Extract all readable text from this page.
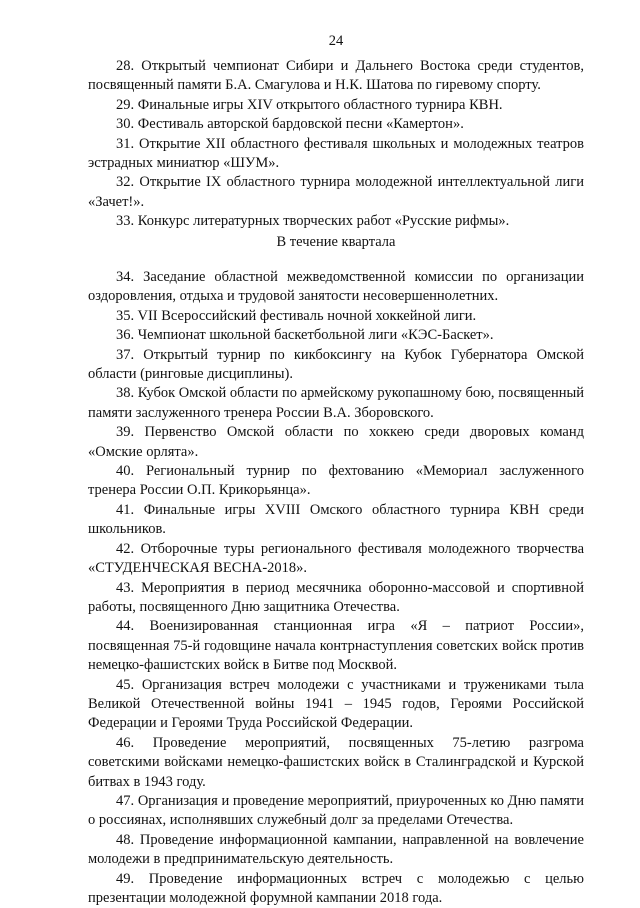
24

28. Открытый чемпионат Сибири и Дальнего Востока среди студентов, посвященный памяти Б.А. Смагулова и Н.К. Шатова по гиревому спорту.

29. Финальные игры XIV открытого областного турнира КВН.

30. Фестиваль авторской бардовской песни «Камертон».

31. Открытие XII областного фестиваля школьных и молодежных театров эстрадных миниатюр «ШУМ».

32. Открытие IX областного турнира молодежной интеллектуальной лиги «Зачет!».

33. Конкурс литературных творческих работ «Русские рифмы».

В течение квартала

34. Заседание областной межведомственной комиссии по организации оздоровления, отдыха и трудовой занятости несовершеннолетних.

35. VII Всероссийский фестиваль ночной хоккейной лиги.

36. Чемпионат школьной баскетбольной лиги «КЭС-Баскет».

37. Открытый турнир по кикбоксингу на Кубок Губернатора Омской области (ринговые дисциплины).

38. Кубок Омской области по армейскому рукопашному бою, посвященный памяти заслуженного тренера России В.А. Зборовского.

39. Первенство Омской области по хоккею среди дворовых команд «Омские орлята».

40. Региональный турнир по фехтованию «Мемориал заслуженного тренера России О.П. Крикорьянца».

41. Финальные игры XVIII Омского областного турнира КВН среди школьников.

42. Отборочные туры регионального фестиваля молодежного творчества «СТУДЕНЧЕСКАЯ ВЕСНА-2018».

43. Мероприятия в период месячника оборонно-массовой и спортивной работы, посвященного Дню защитника Отечества.

44. Военизированная станционная игра «Я – патриот России», посвященная 75-й годовщине начала контрнаступления советских войск против немецко-фашистских войск в Битве под Москвой.

45. Организация встреч молодежи с участниками и тружениками тыла Великой Отечественной войны 1941 – 1945 годов, Героями Российской Федерации и Героями Труда Российской Федерации.

46. Проведение мероприятий, посвященных 75-летию разгрома советскими войсками немецко-фашистских войск в Сталинградской и Курской битвах в 1943 году.

47. Организация и проведение мероприятий, приуроченных ко Дню памяти о россиянах, исполнявших служебный долг за пределами Отечества.

48. Проведение информационной кампании, направленной на вовлечение молодежи в предпринимательскую деятельность.

49. Проведение информационных встреч с молодежью с целью презентации молодежной форумной кампании 2018 года.
